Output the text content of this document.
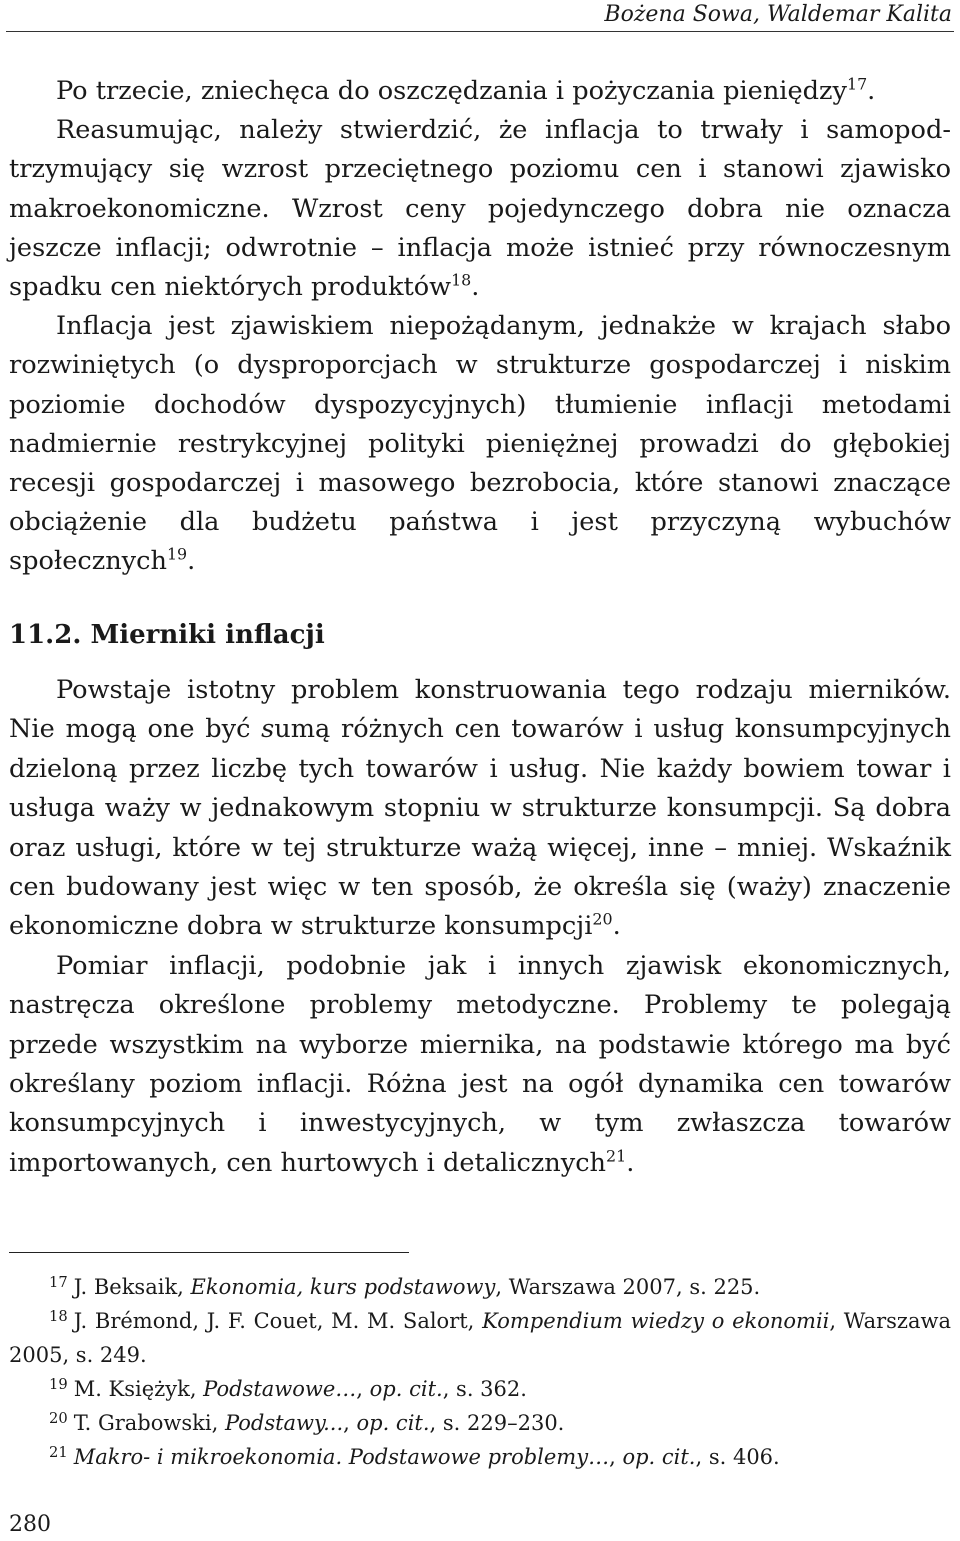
Bożena Sowa, Waldemar Kalita

Po trzecie, zniechęca do oszczędzania i pożyczania pieniędzy$^{17}$.

Reasumując, należy stwierdzić, że inflacja to trwały i samopodtrzymujący się wzrost przeciętnego poziomu cen i stanowi zjawisko makroekonomiczne. Wzrost ceny pojedynczego dobra nie oznacza jeszcze inflacji; odwrotnie – inflacja może istnieć przy równoczesnym spadku cen niektórych produktów$^{18}$.

Inflacja jest zjawiskiem niepożądanym, jednakże w krajach słabo rozwiniętych (o dysproporcjach w strukturze gospodarczej i niskim poziomie dochodów dyspozycyjnych) tłumienie inflacji metodami nadmiernie restrykcyjnej polityki pieniężnej prowadzi do głębokiej recesji gospodarczej i masowego bezrobocia, które stanowi znaczące obciążenie dla budżetu państwa i jest przyczyną wybuchów społecznych$^{19}$.

11.2. Mierniki inflacji

Powstaje istotny problem konstruowania tego rodzaju mierników. Nie mogą one być sumą różnych cen towarów i usług konsumpcyjnych dzieloną przez liczbę tych towarów i usług. Nie każdy bowiem towar i usługa waży w jednakowym stopniu w strukturze konsumpcji. Są dobra oraz usługi, które w tej strukturze ważą więcej, inne – mniej. Wskaźnik cen budowany jest więc w ten sposób, że określa się (waży) znaczenie ekonomiczne dobra w strukturze konsumpcji$^{20}$.

Pomiar inflacji, podobnie jak i innych zjawisk ekonomicznych, nastręcza określone problemy metodyczne. Problemy te polegają przede wszystkim na wyborze miernika, na podstawie którego ma być określany poziom inflacji. Różna jest na ogół dynamika cen towarów konsumpcyjnych i inwestycyjnych, w tym zwłaszcza towarów importowanych, cen hurtowych i detalicznych$^{21}$.

$^{17}$ J. Beksaik, Ekonomia, kurs podstawowy, Warszawa 2007, s. 225.

$^{18}$ J. Brémond, J. F. Couet, M. M. Salort, Kompendium wiedzy o ekonomii, Warszawa 2005, s. 249.

$^{19}$ M. Księżyk, Podstawowe…, op. cit., s. 362.

$^{20}$ T. Grabowski, Podstawy..., op. cit., s. 229–230.

$^{21}$ Makro- i mikroekonomia. Podstawowe problemy…, op. cit., s. 406.

280
